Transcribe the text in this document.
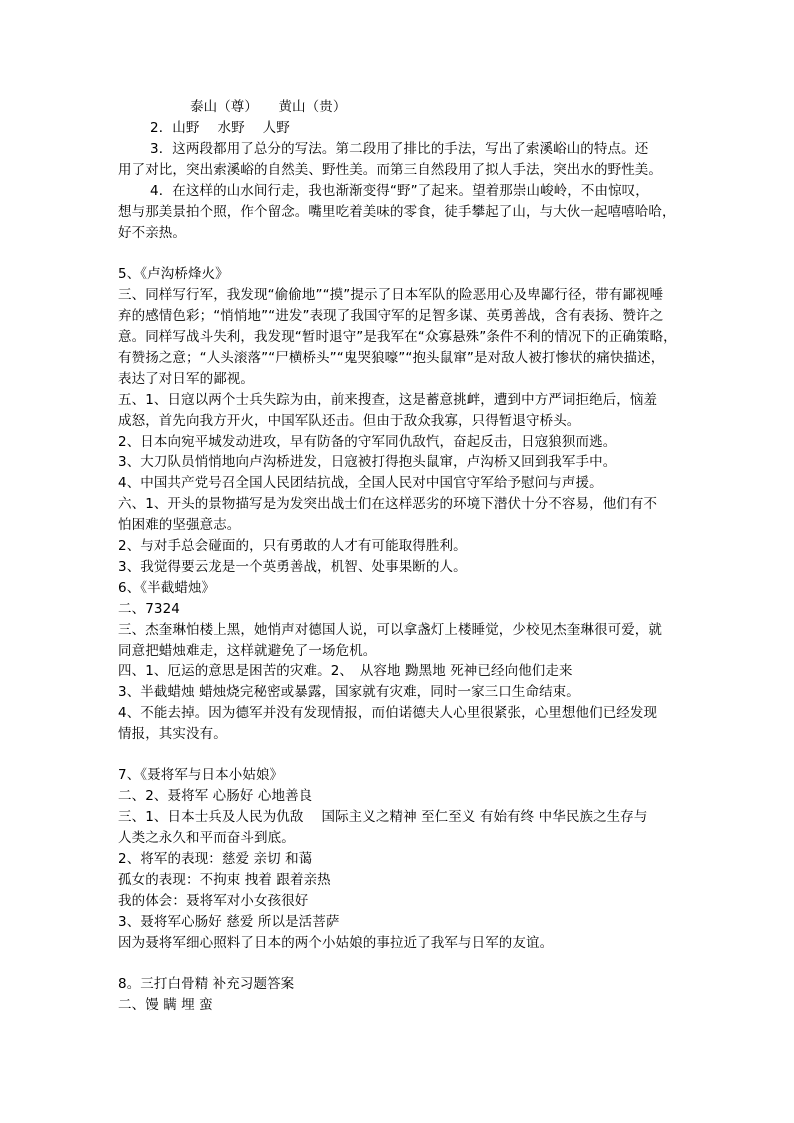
泰山（尊）　　黄山（贵）
2．山野　 水野　 人野
3．这两段都用了总分的写法。第二段用了排比的手法，写出了索溪峪山的特点。还
用了对比，突出索溪峪的自然美、野性美。而第三自然段用了拟人手法，突出水的野性美。
4．在这样的山水间行走，我也渐渐变得“野”了起来。望着那崇山峻岭，不由惊叹，
想与那美景拍个照，作个留念。嘴里吃着美味的零食，徒手攀起了山，与大伙一起嘻嘻哈哈，
好不亲热。
5、《卢沟桥烽火》
三、同样写行军，我发现“偷偷地”“摸”提示了日本军队的险恶用心及卑鄙行径，带有鄙视唾
弃的感情色彩；“悄悄地”“进发”表现了我国守军的足智多谋、英勇善战，含有表扬、赞许之
意。同样写战斗失利，我发现“暂时退守”是我军在“众寡悬殊”条件不利的情况下的正确策略，
有赞扬之意；“人头滚落”“尸横桥头”“鬼哭狼嚎”“抱头鼠窜”是对敌人被打惨状的痛快描述，
表达了对日军的鄙视。
五、1、日寇以两个士兵失踪为由，前来搜查，这是蓄意挑衅，遭到中方严词拒绝后，恼羞
成怒，首先向我方开火，中国军队还击。但由于敌众我寡，只得暂退守桥头。
2、日本向宛平城发动进攻，早有防备的守军同仇敌忾，奋起反击，日寇狼狈而逃。
3、大刀队员悄悄地向卢沟桥进发，日寇被打得抱头鼠窜，卢沟桥又回到我军手中。
4、中国共产党号召全国人民团结抗战，全国人民对中国官守军给予慰问与声援。
六、1、开头的景物描写是为发突出战士们在这样恶劣的环境下潜伏十分不容易，他们有不
怕困难的坚强意志。
2、与对手总会碰面的，只有勇敢的人才有可能取得胜利。
3、我觉得要云龙是一个英勇善战，机智、处事果断的人。
6、《半截蜡烛》
二、7324
三、杰奎琳怕楼上黑，她悄声对德国人说，可以拿盏灯上楼睡觉，少校见杰奎琳很可爱，就
同意把蜡烛难走，这样就避免了一场危机。
四、1、厄运的意思是困苦的灾难。2、　从容地 黝黑地 死神已经向他们走来
3、半截蜡烛 蜡烛烧完秘密或暴露，国家就有灾难，同时一家三口生命结束。
4、不能去掉。因为德军并没有发现情报，而伯诺德夫人心里很紧张，心里想他们已经发现
情报，其实没有。
7、《聂将军与日本小姑娘》
二、2、聂将军 心肠好 心地善良
三、1、日本士兵及人民为仇敌　 国际主义之精神 至仁至义 有始有终 中华民族之生存与
人类之永久和平而奋斗到底。
2、将军的表现：慈爱 亲切 和蔼
孤女的表现：不拘束 拽着 跟着亲热
我的体会：聂将军对小女孩很好
3、聂将军心肠好 慈爱 所以是活菩萨
因为聂将军细心照料了日本的两个小姑娘的事拉近了我军与日军的友谊。
8。三打白骨精 补充习题答案
二、馒 瞒 埋 蛮
